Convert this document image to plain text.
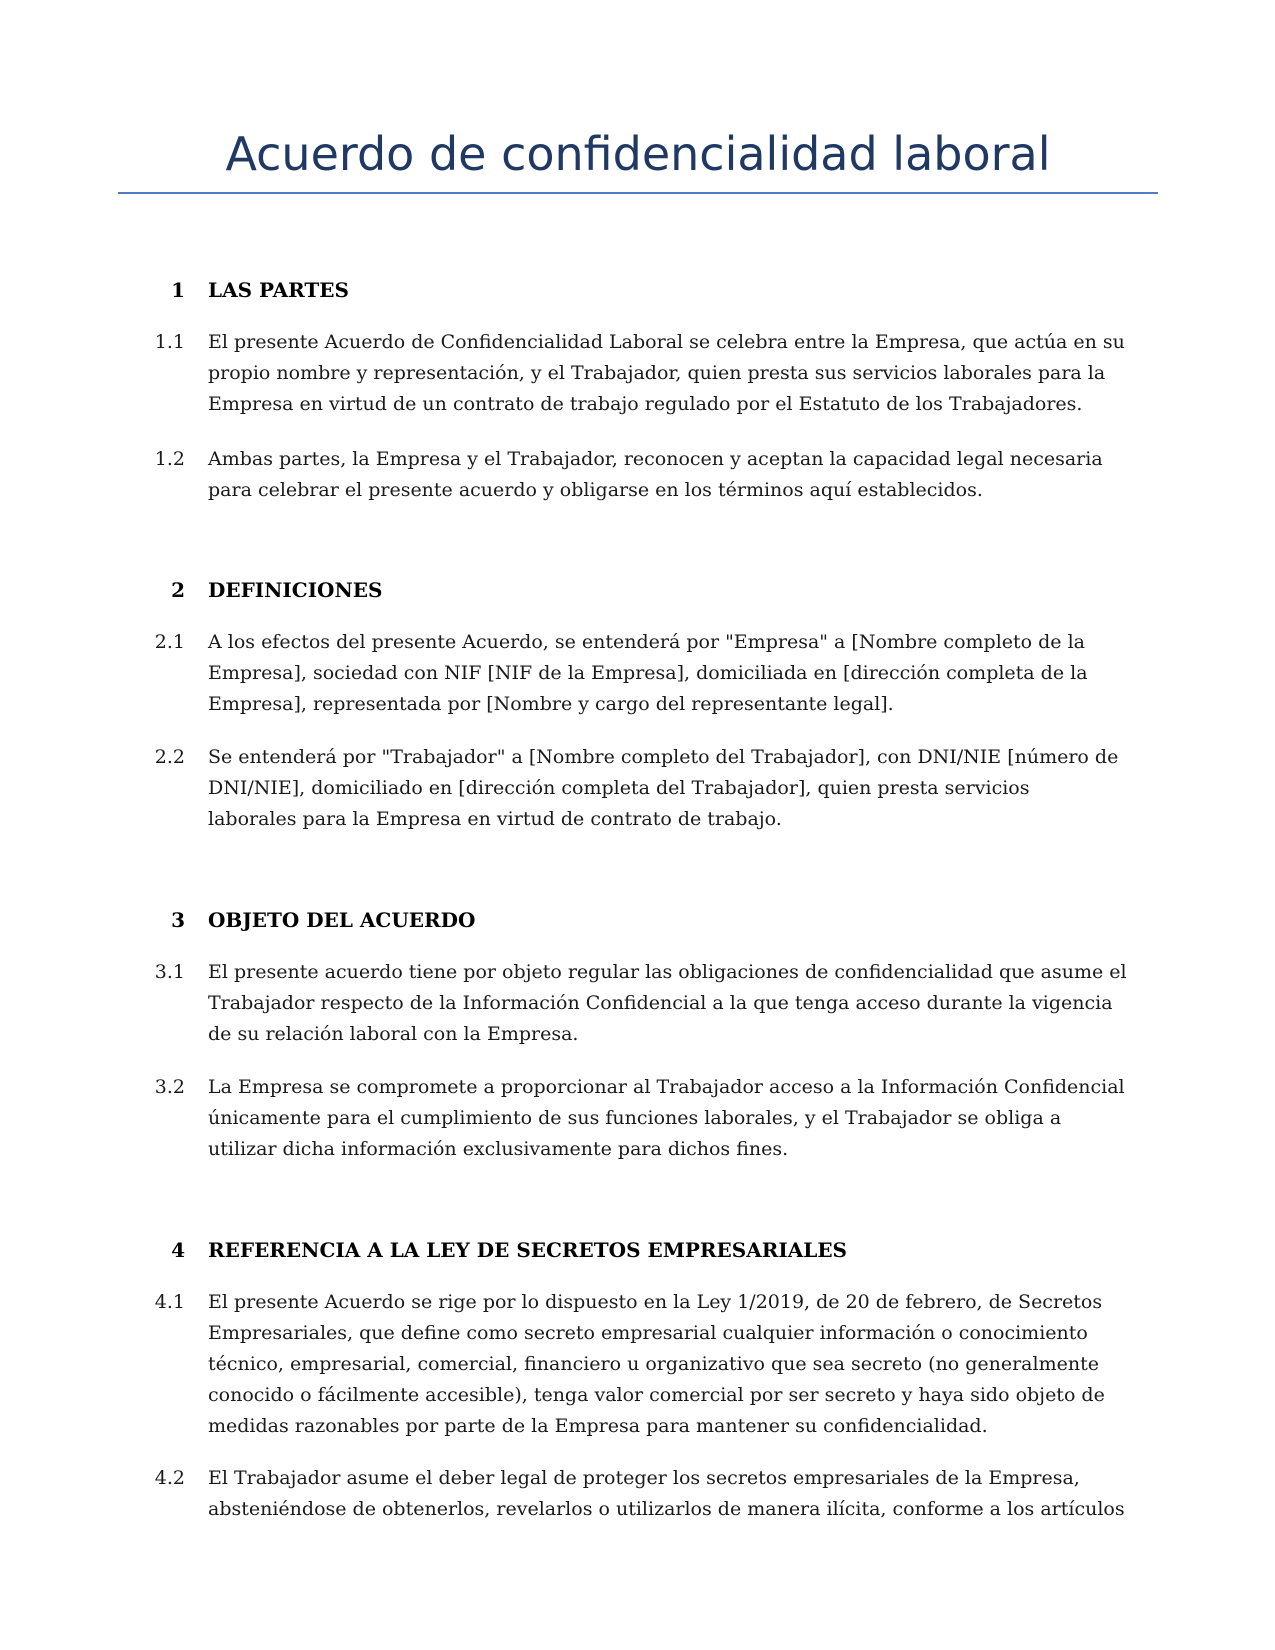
Acuerdo de confidencialidad laboral
1 LAS PARTES
1.1 El presente Acuerdo de Confidencialidad Laboral se celebra entre la Empresa, que actúa en su
propio nombre y representación, y el Trabajador, quien presta sus servicios laborales para la
Empresa en virtud de un contrato de trabajo regulado por el Estatuto de los Trabajadores.

1.2 Ambas partes, la Empresa y el Trabajador, reconocen y aceptan la capacidad legal necesaria
para celebrar el presente acuerdo y obligarse en los términos aquí establecidos.

2 DEFINICIONES
2.1 A los efectos del presente Acuerdo, se entenderá por "Empresa" a [Nombre completo de la
Empresa], sociedad con NIF [NIF de la Empresa], domiciliada en [dirección completa de la
Empresa], representada por [Nombre y cargo del representante legal].

2.2 Se entenderá por "Trabajador" a [Nombre completo del Trabajador], con DNI/NIE [número de
DNI/NIE], domiciliado en [dirección completa del Trabajador], quien presta servicios
laborales para la Empresa en virtud de contrato de trabajo.

3 OBJETO DEL ACUERDO
3.1 El presente acuerdo tiene por objeto regular las obligaciones de confidencialidad que asume el
Trabajador respecto de la Información Confidencial a la que tenga acceso durante la vigencia
de su relación laboral con la Empresa.

3.2 La Empresa se compromete a proporcionar al Trabajador acceso a la Información Confidencial
únicamente para el cumplimiento de sus funciones laborales, y el Trabajador se obliga a
utilizar dicha información exclusivamente para dichos fines.

4 REFERENCIA A LA LEY DE SECRETOS EMPRESARIALES
4.1 El presente Acuerdo se rige por lo dispuesto en la Ley 1/2019, de 20 de febrero, de Secretos
Empresariales, que define como secreto empresarial cualquier información o conocimiento
técnico, empresarial, comercial, financiero u organizativo que sea secreto (no generalmente
conocido o fácilmente accesible), tenga valor comercial por ser secreto y haya sido objeto de
medidas razonables por parte de la Empresa para mantener su confidencialidad.

4.2 El Trabajador asume el deber legal de proteger los secretos empresariales de la Empresa,
absteniéndose de obtenerlos, revelarlos o utilizarlos de manera ilícita, conforme a los artículos
